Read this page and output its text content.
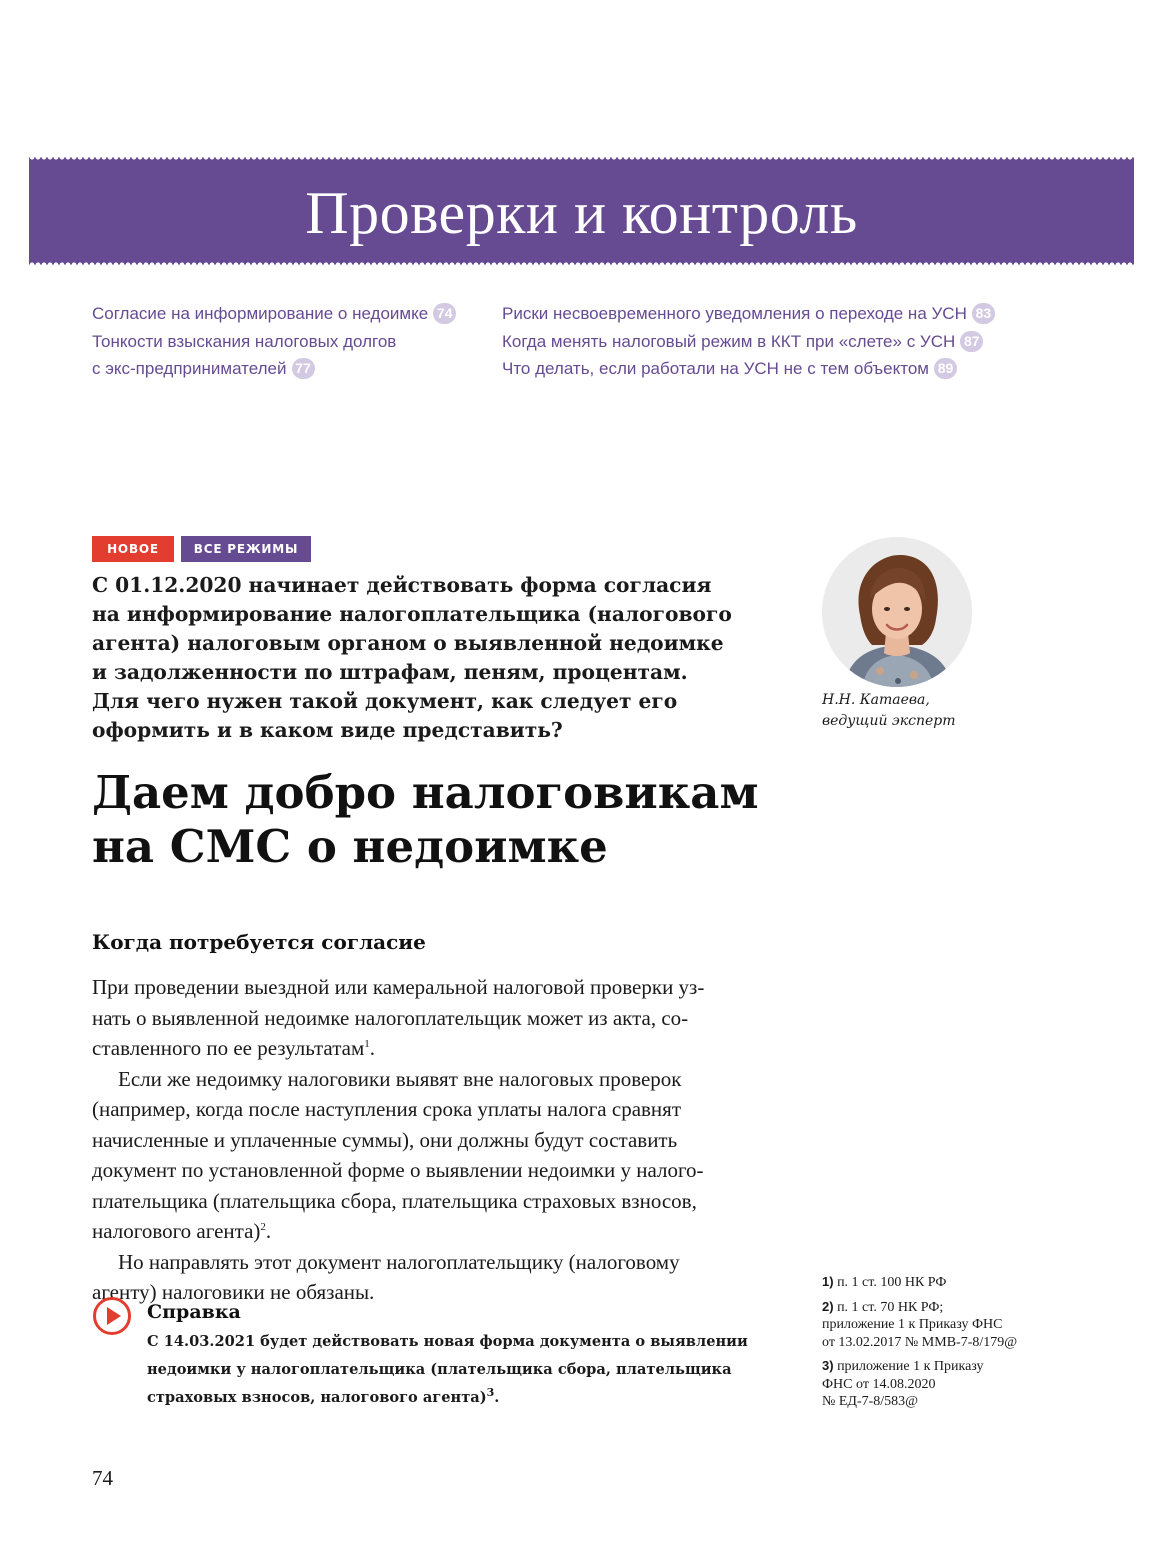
Проверки и контроль
Согласие на информирование о недоимке 74
Тонкости взыскания налоговых долгов
с экс-предпринимателей 77
Риски несвоевременного уведомления о переходе на УСН 83
Когда менять налоговый режим в ККТ при «слете» с УСН 87
Что делать, если работали на УСН не с тем объектом 89
НОВОЕ	ВСЕ РЕЖИМЫ
С 01.12.2020 начинает действовать форма согласия
на информирование налогоплательщика (налогового
агента) налоговым органом о выявленной недоимке
и задолженности по штрафам, пеням, процентам.
Для чего нужен такой документ, как следует его
оформить и в каком виде представить?
Н.Н. Катаева,
ведущий эксперт
Даем добро налоговикам
на СМС о недоимке
Когда потребуется согласие
При проведении выездной или камеральной налоговой проверки уз-
нать о выявленной недоимке налогоплательщик может из акта, со-
ставленного по ее результатам$^1$.
Если же недоимку налоговики выявят вне налоговых проверок
(например, когда после наступления срока уплаты налога сравнят
начисленные и уплаченные суммы), они должны будут составить
документ по установленной форме о выявлении недоимки у налого-
плательщика (плательщика сбора, плательщика страховых взносов,
налогового агента)$^2$.
Но направлять этот документ налогоплательщику (налоговому
агенту) налоговики не обязаны.
Справка
С 14.03.2021 будет действовать новая форма документа о выявлении
недоимки у налогоплательщика (плательщика сбора, плательщика
страховых взносов, налогового агента)$^3$.
1) п. 1 ст. 100 НК РФ
2) п. 1 ст. 70 НК РФ;
приложение 1 к Приказу ФНС
от 13.02.2017 № ММВ-7-8/179@
3) приложение 1 к Приказу
ФНС от 14.08.2020
№ ЕД-7-8/583@
74
